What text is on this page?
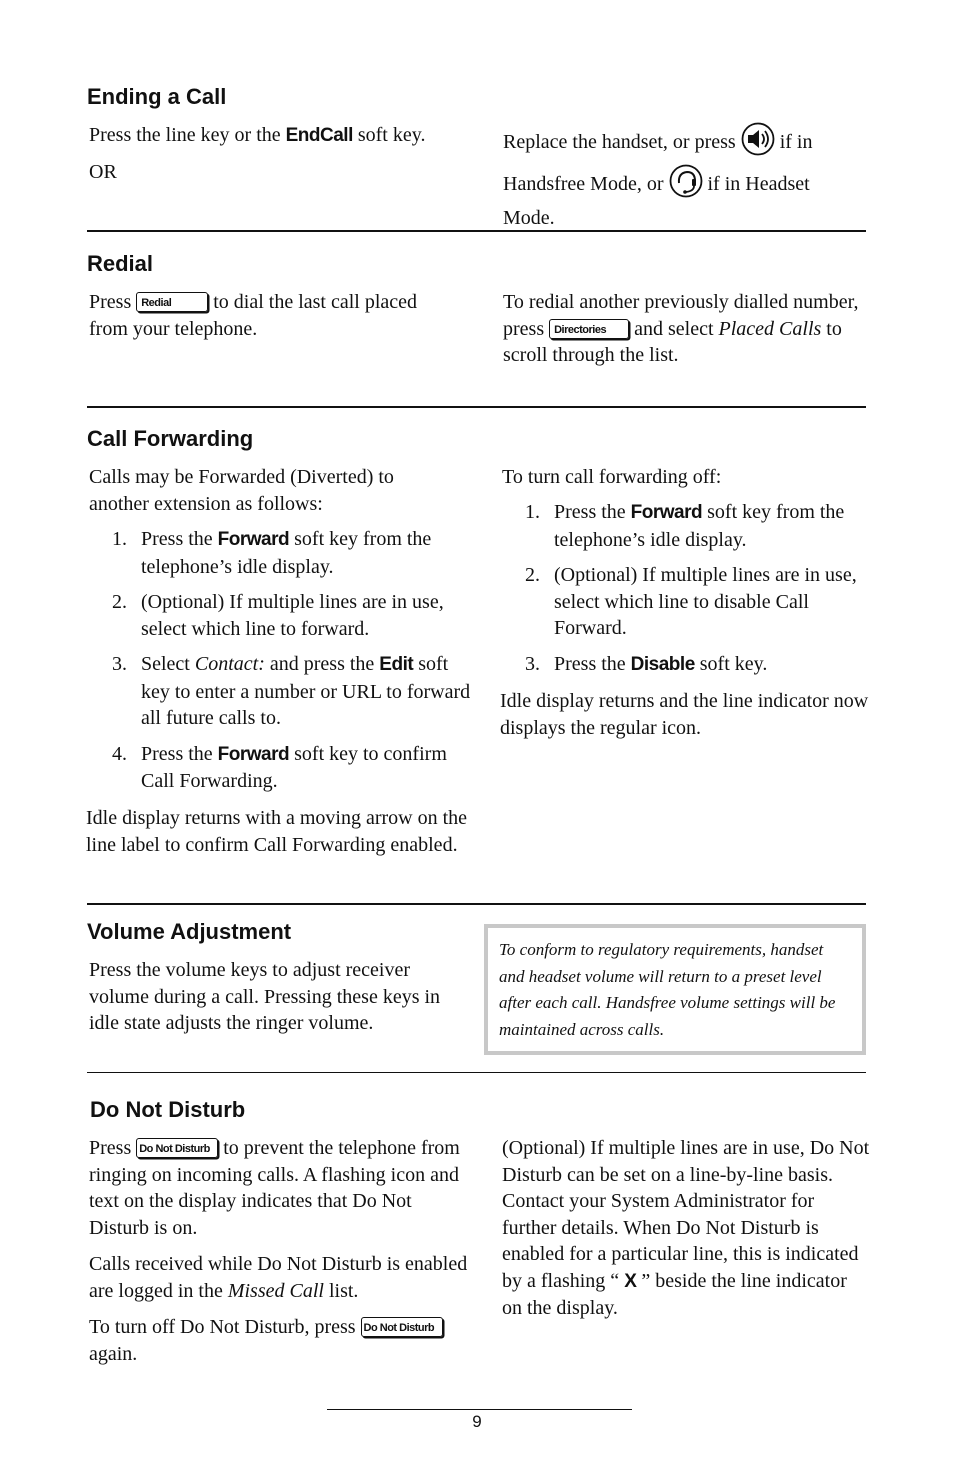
Ending a Call
Press the line key or the EndCall soft key.
OR
Replace the handset, or press  if in Handsfree Mode, or  if in Headset Mode.
Redial
Press Redial to dial the last call placed from your telephone.
To redial another previously dialled number, press Directories and select Placed Calls to scroll through the list.
Call Forwarding
Calls may be Forwarded (Diverted) to another extension as follows:
1. Press the Forward soft key from the telephone’s idle display.
2. (Optional) If multiple lines are in use, select which line to forward.
3. Select Contact: and press the Edit soft key to enter a number or URL to forward all future calls to.
4. Press the Forward soft key to confirm Call Forwarding.
Idle display returns with a moving arrow on the line label to confirm Call Forwarding enabled.
To turn call forwarding off:
1. Press the Forward soft key from the telephone’s idle display.
2. (Optional) If multiple lines are in use, select which line to disable Call Forward.
3. Press the Disable soft key.
Idle display returns and the line indicator now displays the regular icon.
Volume Adjustment
Press the volume keys to adjust receiver volume during a call. Pressing these keys in idle state adjusts the ringer volume.
To conform to regulatory requirements, handset and headset volume will return to a preset level after each call. Handsfree volume settings will be maintained across calls.
Do Not Disturb
Press Do Not Disturb to prevent the telephone from ringing on incoming calls. A flashing icon and text on the display indicates that Do Not Disturb is on.
Calls received while Do Not Disturb is enabled are logged in the Missed Call list.
To turn off Do Not Disturb, press Do Not Disturb again.
(Optional) If multiple lines are in use, Do Not Disturb can be set on a line-by-line basis. Contact your System Administrator for further details. When Do Not Disturb is enabled for a particular line, this is indicated by a flashing “ X ” beside the line indicator on the display.
9
